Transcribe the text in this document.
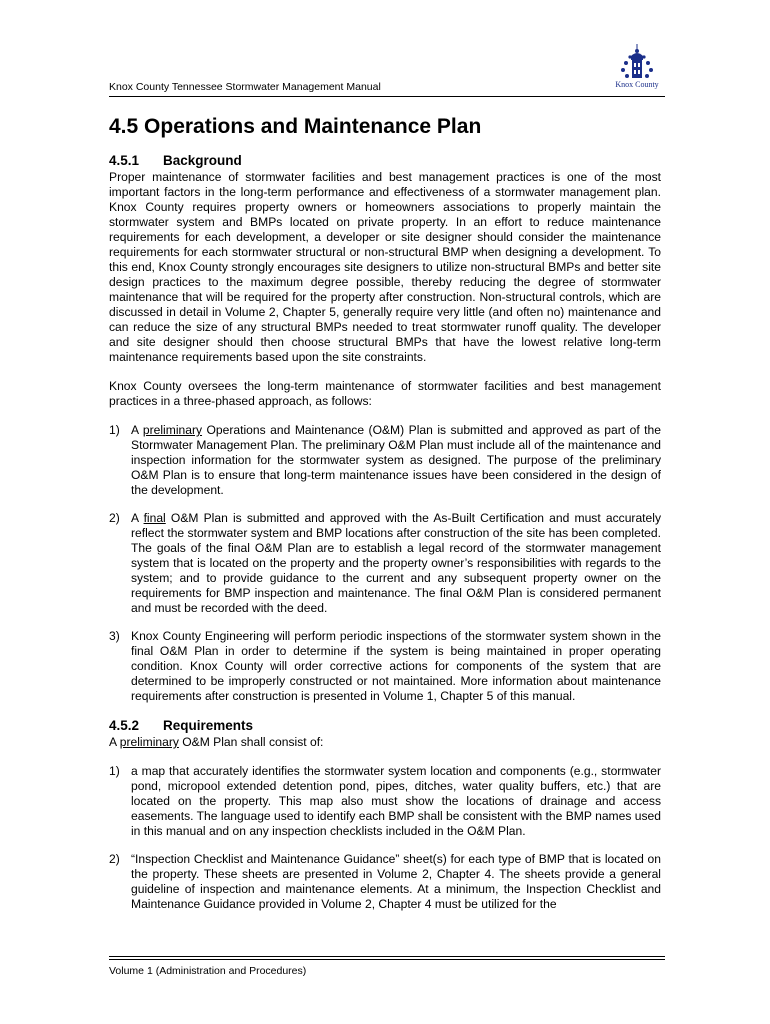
Knox County Tennessee Stormwater Management Manual	Knox County
4.5 Operations and Maintenance Plan
4.5.1 Background

Proper maintenance of stormwater facilities and best management practices is one of the most important factors in the long-term performance and effectiveness of a stormwater management plan. Knox County requires property owners or homeowners associations to properly maintain the stormwater system and BMPs located on private property. In an effort to reduce maintenance requirements for each development, a developer or site designer should consider the maintenance requirements for each stormwater structural or non-structural BMP when designing a development. To this end, Knox County strongly encourages site designers to utilize non-structural BMPs and better site design practices to the maximum degree possible, thereby reducing the degree of stormwater maintenance that will be required for the property after construction. Non-structural controls, which are discussed in detail in Volume 2, Chapter 5, generally require very little (and often no) maintenance and can reduce the size of any structural BMPs needed to treat stormwater runoff quality. The developer and site designer should then choose structural BMPs that have the lowest relative long-term maintenance requirements based upon the site constraints.

Knox County oversees the long-term maintenance of stormwater facilities and best management practices in a three-phased approach, as follows:

1) A preliminary Operations and Maintenance (O&M) Plan is submitted and approved as part of the Stormwater Management Plan. The preliminary O&M Plan must include all of the maintenance and inspection information for the stormwater system as designed. The purpose of the preliminary O&M Plan is to ensure that long-term maintenance issues have been considered in the design of the development.
2) A final O&M Plan is submitted and approved with the As-Built Certification and must accurately reflect the stormwater system and BMP locations after construction of the site has been completed. The goals of the final O&M Plan are to establish a legal record of the stormwater management system that is located on the property and the property owner’s responsibilities with regards to the system; and to provide guidance to the current and any subsequent property owner on the requirements for BMP inspection and maintenance. The final O&M Plan is considered permanent and must be recorded with the deed.
3) Knox County Engineering will perform periodic inspections of the stormwater system shown in the final O&M Plan in order to determine if the system is being maintained in proper operating condition. Knox County will order corrective actions for components of the system that are determined to be improperly constructed or not maintained. More information about maintenance requirements after construction is presented in Volume 1, Chapter 5 of this manual.
4.5.2 Requirements

A preliminary O&M Plan shall consist of:

1) a map that accurately identifies the stormwater system location and components (e.g., stormwater pond, micropool extended detention pond, pipes, ditches, water quality buffers, etc.) that are located on the property. This map also must show the locations of drainage and access easements. The language used to identify each BMP shall be consistent with the BMP names used in this manual and on any inspection checklists included in the O&M Plan.
2) “Inspection Checklist and Maintenance Guidance” sheet(s) for each type of BMP that is located on the property. These sheets are presented in Volume 2, Chapter 4. The sheets provide a general guideline of inspection and maintenance elements. At a minimum, the Inspection Checklist and Maintenance Guidance provided in Volume 2, Chapter 4 must be utilized for the
Volume 1 (Administration and Procedures)
